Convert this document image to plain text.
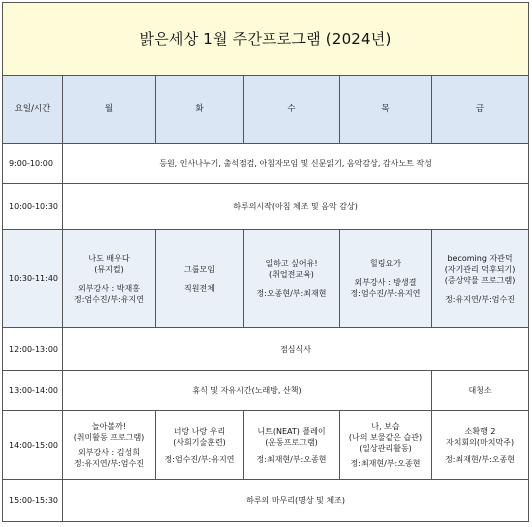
밝은세상 1월 주간프로그램 (2024년)					
요일/시간	월	화	수	목	금
9:00-10:00	등원, 인사나누기, 출석점검, 아침자모임 및 신문읽기, 음악감상, 감사노트 작성				
10:00-10:30	하루의시작(아침 체조 및 음악 감상)				
10:30-11:40	나도 배우다
(뮤지컬)
외부강사 : 박재홍
정:엄수진/부:유지연	그룹모임
직원전체	일하고 싶어유!
(취업전교육)
정:오종현/부:최재현	힐링요가
외부강사 : 방생결
정:엄수진/부:유지연	becoming 자관덕
(자기관리 덕후되기)
(증상약물 프로그램)
정:유지연/부:엄수진

12:00-13:00	점심식사				
13:00-14:00	휴식 및 자유시간(노래방, 산책)				대청소
14:00-15:00	놀아볼까!
(취미활동 프로그램)
외부강사 : 김성희
정:유지연/부:엄수진	너랑 나랑 우리
(사회기술훈련)
정:엄수진/부:유지연	니트(NEAT) 플레이
(운동프로그램)
정:최재현/부:오종현	나, 보습
(나의 보물같은 습관)
(일상관리활동)
정:최재현/부:오종현	소확행 2
자치회의(마치막주)
정:최재현/부:오종현

15:00-15:30	하루의 마무리(명상 및 체조)				
